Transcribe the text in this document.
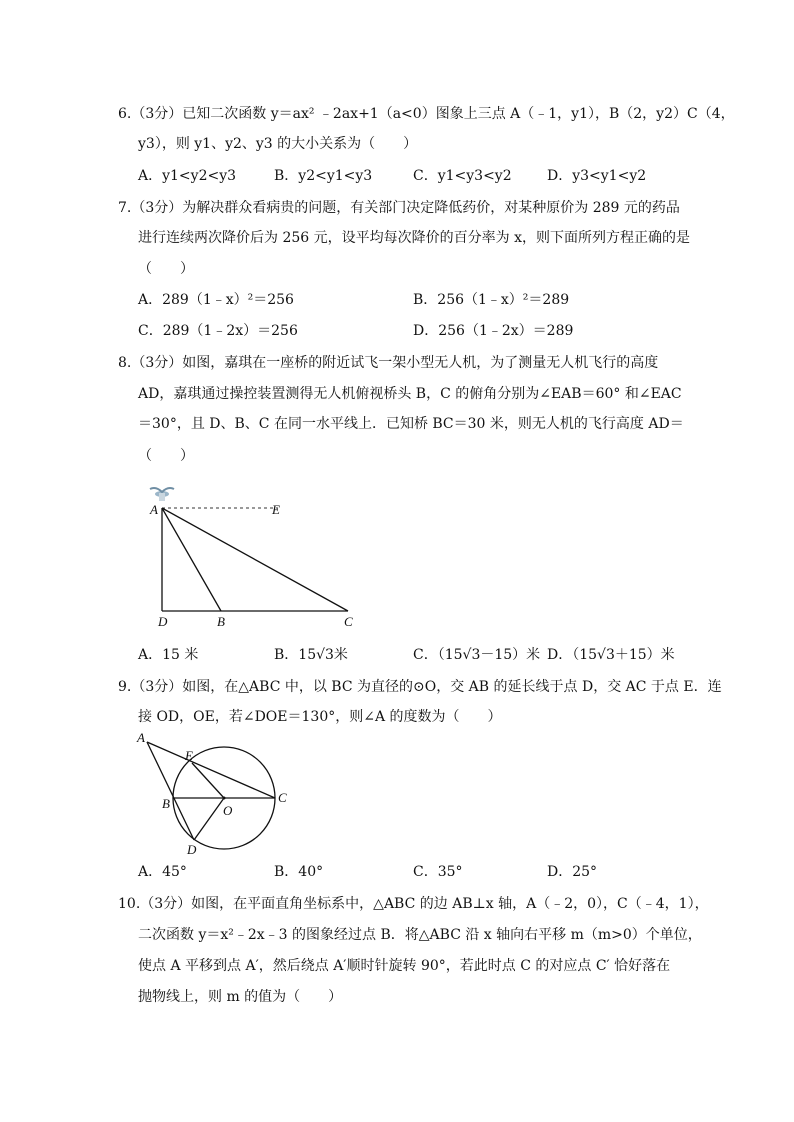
6.（3分）已知二次函数 y＝ax² ﹣2ax+1（a<0）图象上三点 A（﹣1，y1），B（2，y2）C（4，
y3），则 y1、y2、y3 的大小关系为（　　）
A．y1<y2<y3	B．y2<y1<y3	C．y1<y3<y2	D．y3<y1<y2
7.（3分）为解决群众看病贵的问题，有关部门决定降低药价，对某种原价为 289 元的药品
进行连续两次降价后为 256 元，设平均每次降价的百分率为 x，则下面所列方程正确的是
（　　）
A．289（1﹣x）²＝256	B．256（1﹣x）²＝289
C．289（1﹣2x）＝256	D．256（1﹣2x）＝289
8.（3分）如图，嘉琪在一座桥的附近试飞一架小型无人机，为了测量无人机飞行的高度
AD，嘉琪通过操控装置测得无人机俯视桥头 B，C 的俯角分别为∠EAB＝60° 和∠EAC
＝30°，且 D、B、C 在同一水平线上．已知桥 BC＝30 米，则无人机的飞行高度 AD＝
（　　）
A	E
D	B	C
A．15 米	B．15√3米	C．（15√3－15）米 D．（15√3＋15）米
9.（3分）如图，在△ABC 中，以 BC 为直径的⊙O，交 AB 的延长线于点 D，交 AC 于点 E．连
接 OD，OE，若∠DOE＝130°，则∠A 的度数为（　　）
A
E
B	O
C
D
A．45°	B．40°	C．35°	D．25°
10.（3分）如图，在平面直角坐标系中，△ABC 的边 AB⊥x 轴，A（﹣2，0），C（﹣4，1），
二次函数 y＝x²﹣2x﹣3 的图象经过点 B．将△ABC 沿 x 轴向右平移 m（m>0）个单位，
使点 A 平移到点 A′，然后绕点 A′顺时针旋转 90°，若此时点 C 的对应点 C′ 恰好落在
抛物线上，则 m 的值为（　　）
